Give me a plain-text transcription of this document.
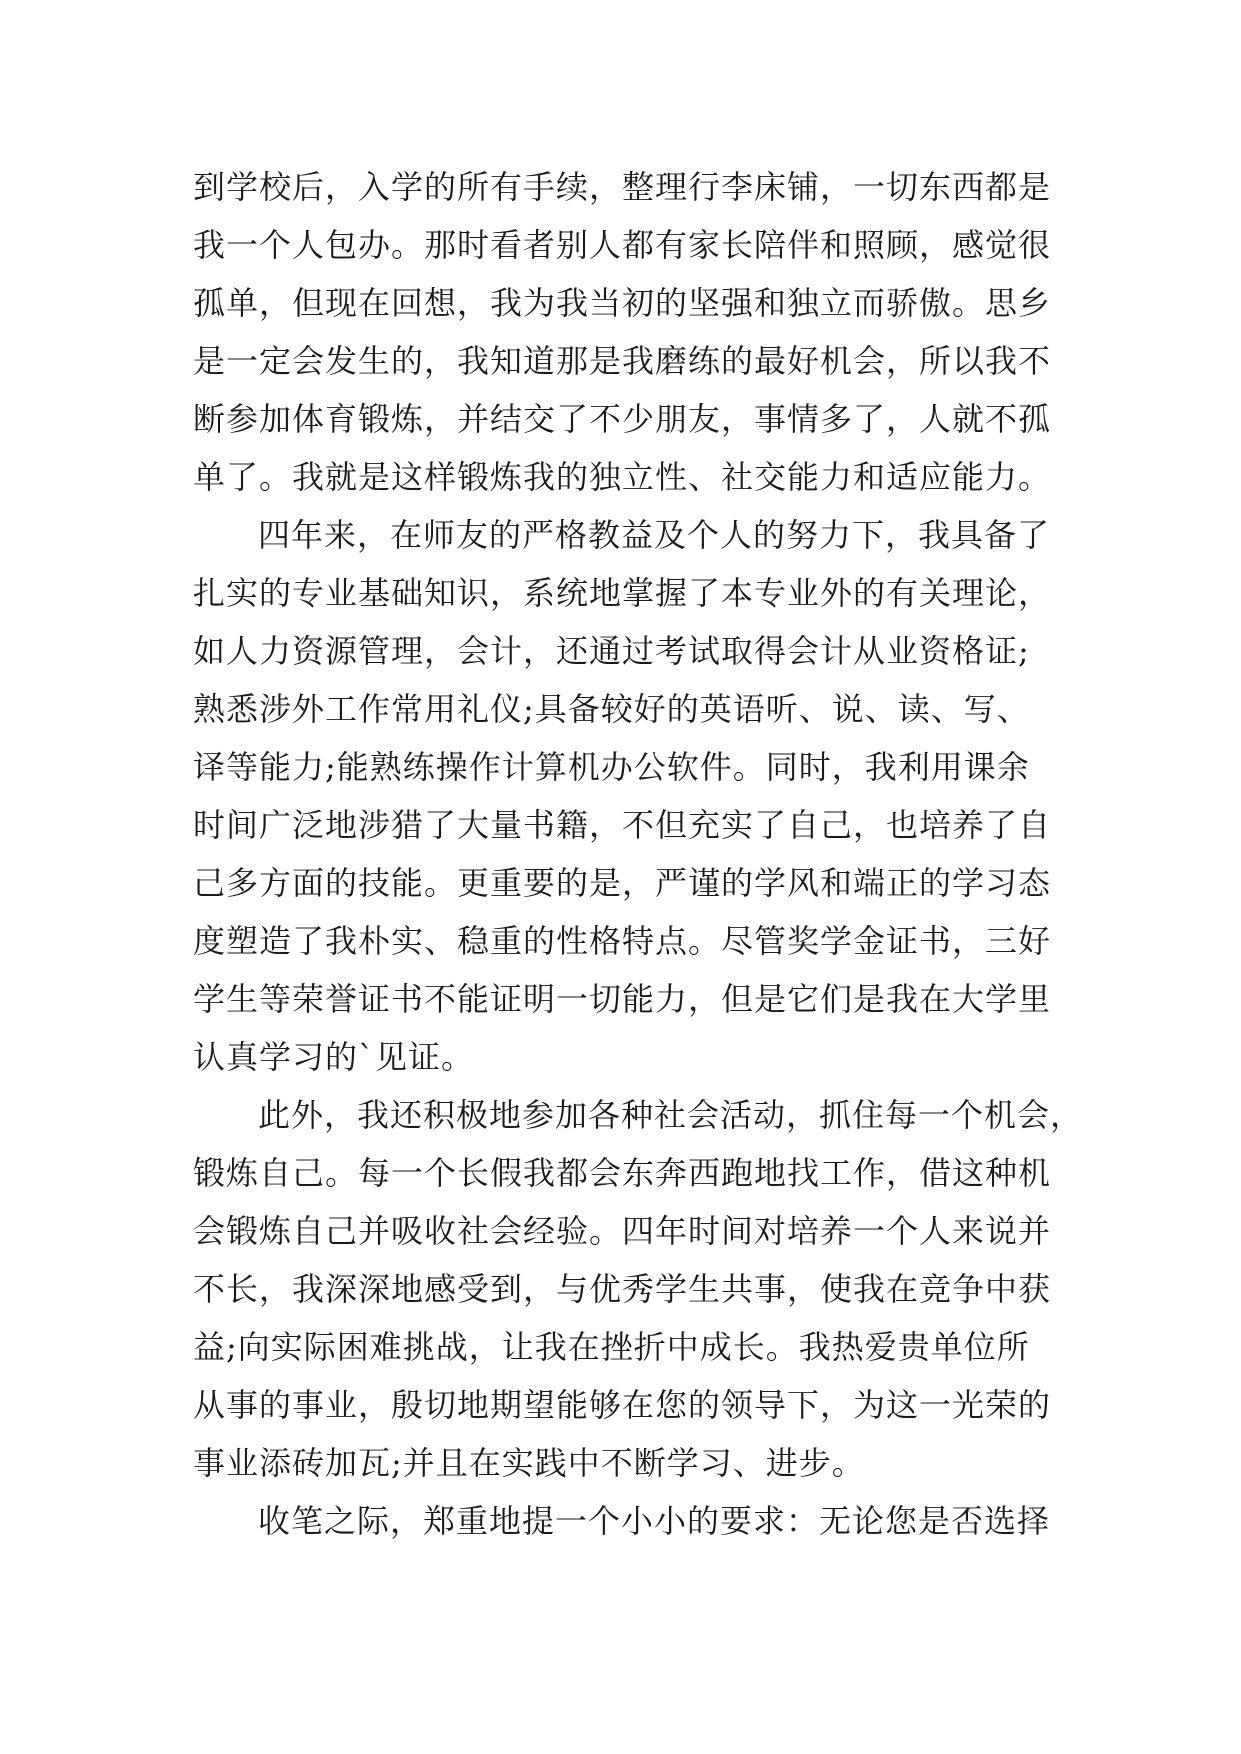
到学校后，入学的所有手续，整理行李床铺，一切东西都是
我一个人包办。那时看者别人都有家长陪伴和照顾，感觉很
孤单，但现在回想，我为我当初的坚强和独立而骄傲。思乡
是一定会发生的，我知道那是我磨练的最好机会，所以我不
断参加体育锻炼，并结交了不少朋友，事情多了，人就不孤
单了。我就是这样锻炼我的独立性、社交能力和适应能力。
四年来，在师友的严格教益及个人的努力下，我具备了
扎实的专业基础知识，系统地掌握了本专业外的有关理论，
如人力资源管理，会计，还通过考试取得会计从业资格证;
熟悉涉外工作常用礼仪;具备较好的英语听、说、读、写、
译等能力;能熟练操作计算机办公软件。同时，我利用课余
时间广泛地涉猎了大量书籍，不但充实了自己，也培养了自
己多方面的技能。更重要的是，严谨的学风和端正的学习态
度塑造了我朴实、稳重的性格特点。尽管奖学金证书，三好
学生等荣誉证书不能证明一切能力，但是它们是我在大学里
认真学习的`见证。
此外，我还积极地参加各种社会活动，抓住每一个机会，
锻炼自己。每一个长假我都会东奔西跑地找工作，借这种机
会锻炼自己并吸收社会经验。四年时间对培养一个人来说并
不长，我深深地感受到，与优秀学生共事，使我在竞争中获
益;向实际困难挑战，让我在挫折中成长。我热爱贵单位所
从事的事业，殷切地期望能够在您的领导下，为这一光荣的
事业添砖加瓦;并且在实践中不断学习、进步。
收笔之际，郑重地提一个小小的要求：无论您是否选择
